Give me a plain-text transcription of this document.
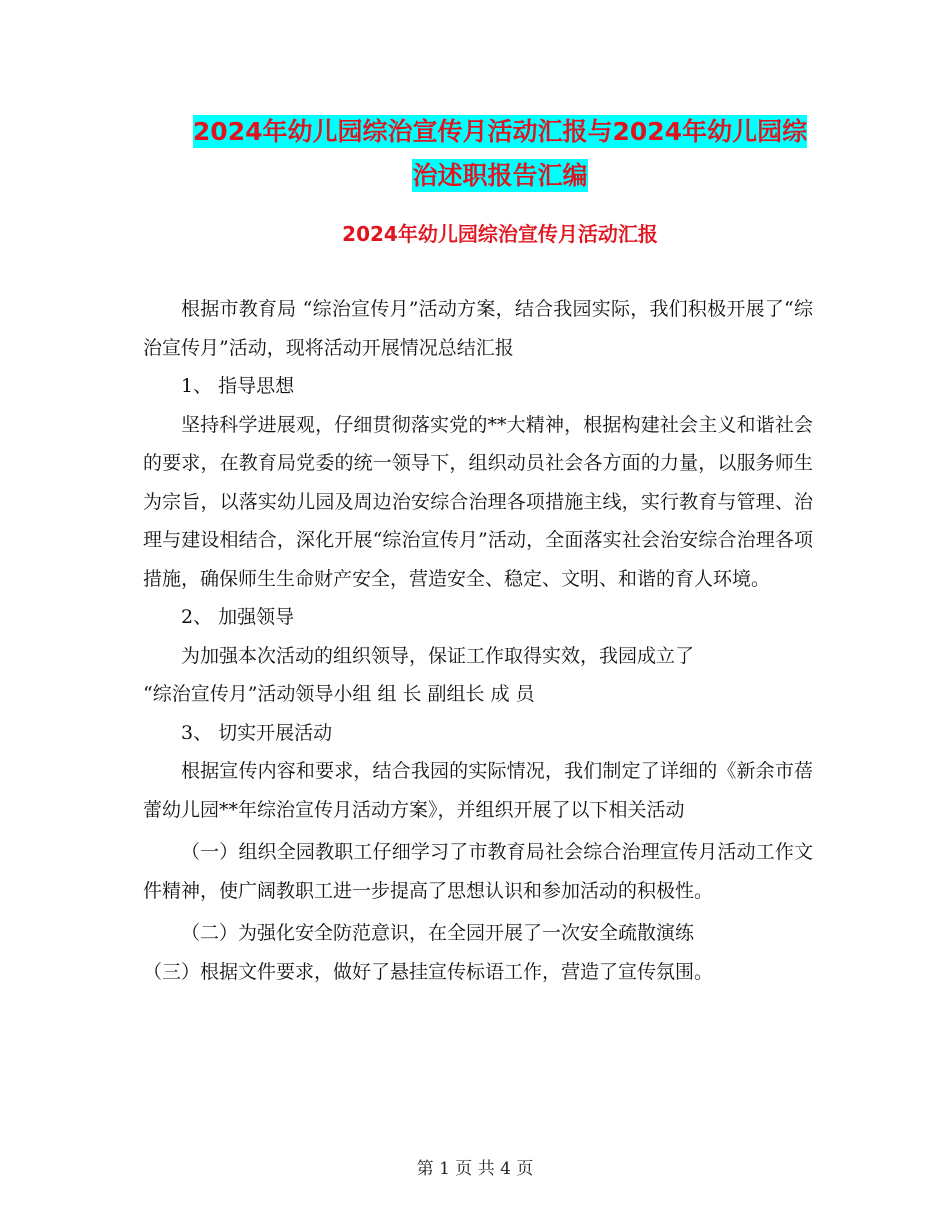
2024年幼儿园综治宣传月活动汇报与2024年幼儿园综
治述职报告汇编
2024年幼儿园综治宣传月活动汇报

根据市教育局 “综治宣传月”活动方案，结合我园实际，我们积极开展了“综治宣传月”活动，现将活动开展情况总结汇报

1、 指导思想

坚持科学进展观，仔细贯彻落实党的**大精神，根据构建社会主义和谐社会的要求，在教育局党委的统一领导下，组织动员社会各方面的力量，以服务师生为宗旨，以落实幼儿园及周边治安综合治理各项措施主线，实行教育与管理、治理与建设相结合，深化开展“综治宣传月”活动，全面落实社会治安综合治理各项措施，确保师生生命财产安全，营造安全、稳定、文明、和谐的育人环境。

2、 加强领导

为加强本次活动的组织领导，保证工作取得实效，我园成立了

“综治宣传月”活动领导小组 组 长 副组长 成 员

3、 切实开展活动

根据宣传内容和要求，结合我园的实际情况，我们制定了详细的《新余市蓓蕾幼儿园**年综治宣传月活动方案》，并组织开展了以下相关活动

（一）组织全园教职工仔细学习了市教育局社会综合治理宣传月活动工作文件精神，使广阔教职工进一步提高了思想认识和参加活动的积极性。

（二）为强化安全防范意识，在全园开展了一次安全疏散演练

（三）根据文件要求，做好了悬挂宣传标语工作，营造了宣传氛围。

第 1 页 共 4 页
